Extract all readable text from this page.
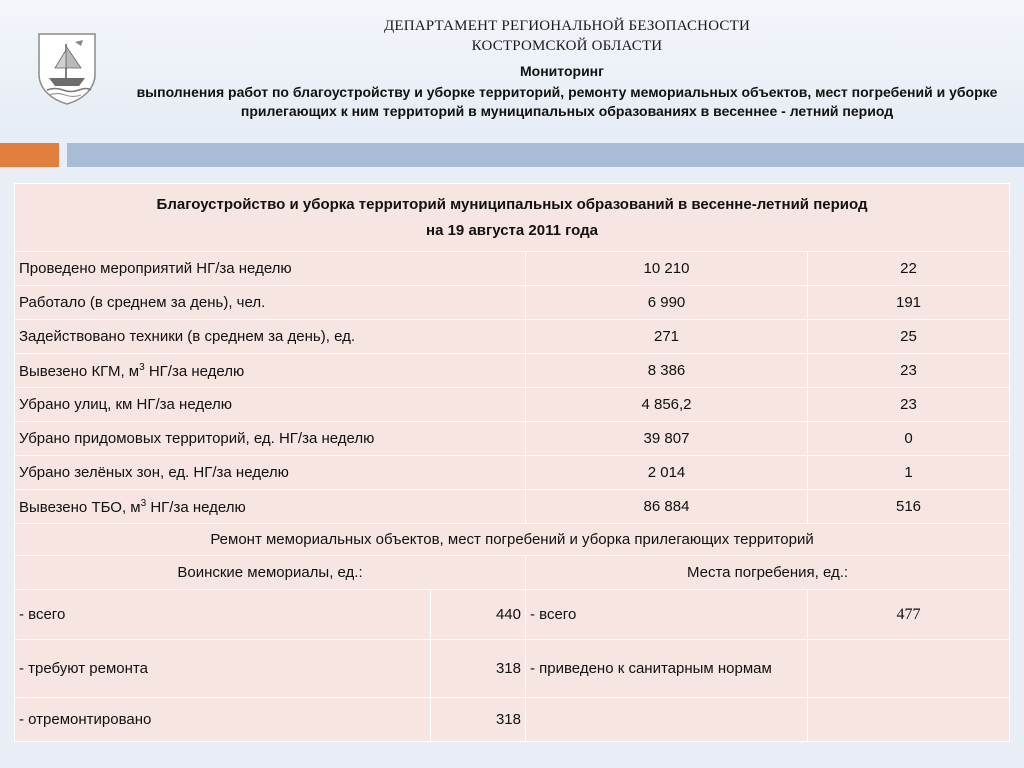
ДЕПАРТАМЕНТ РЕГИОНАЛЬНОЙ БЕЗОПАСНОСТИ
КОСТРОМСКОЙ ОБЛАСТИ
Мониторинг
выполнения работ по благоустройству и уборке территорий, ремонту мемориальных объектов, мест погребений и уборке прилегающих к ним территорий в муниципальных образованиях в весеннее - летний период
Благоустройство и уборка территорий муниципальных образований в весенне-летний период
на 19 августа 2011 года			
Проведено мероприятий НГ/за неделю		10 210	22
Работало (в среднем за день), чел.		6 990	191
Задействовано техники (в среднем за день), ед.		271	25
Вывезено КГМ, $м^3$ НГ/за неделю		8 386	23
Убрано улиц, км НГ/за неделю		4 856,2	23
Убрано придомовых территорий, ед. НГ/за неделю		39 807	0
Убрано зелёных зон, ед. НГ/за неделю		2 014	1
Вывезено ТБО, $м^3$ НГ/за неделю		86 884	516
Ремонт мемориальных объектов, мест погребений и уборка прилегающих территорий			
Воинские мемориалы, ед.:		Места погребения, ед.:	
- всего	440	- всего	477
- требуют ремонта	318	- приведено к санитарным нормам	
- отремонтировано	318		
